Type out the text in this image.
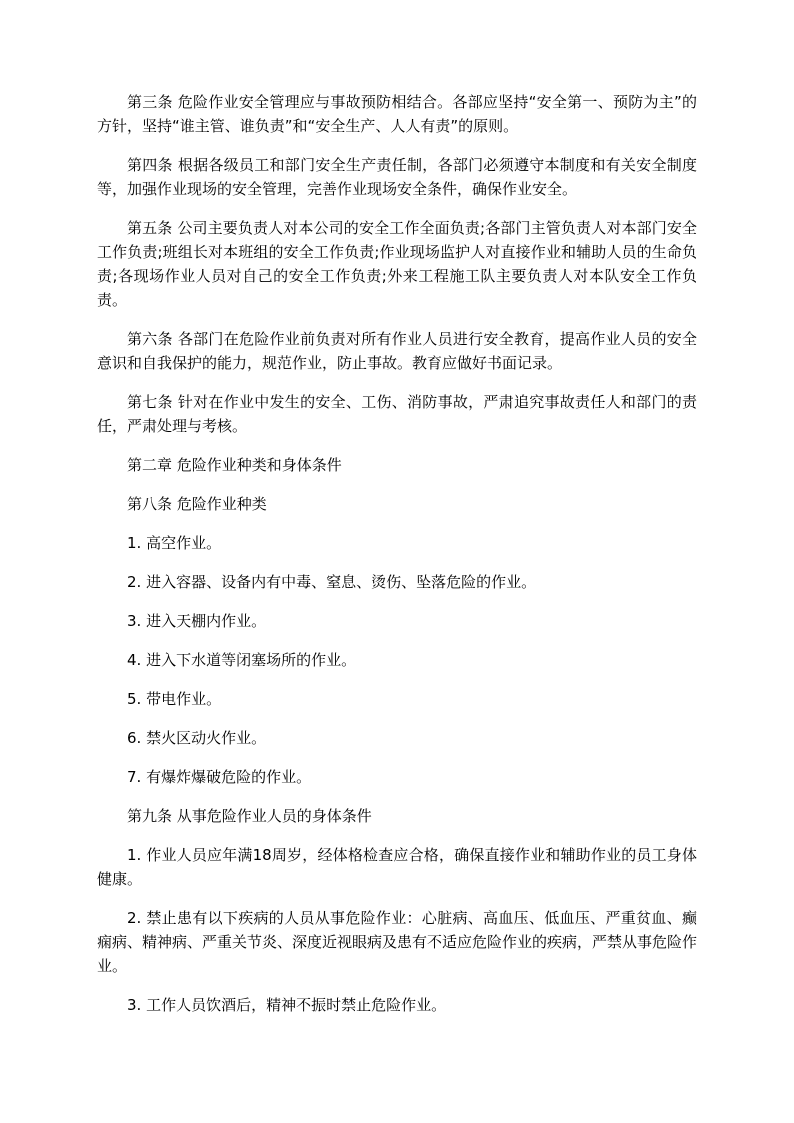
第三条 危险作业安全管理应与事故预防相结合。各部应坚持“安全第一、预防为主”的方针，坚持“谁主管、谁负责”和“安全生产、人人有责”的原则。

第四条 根据各级员工和部门安全生产责任制，各部门必须遵守本制度和有关安全制度等，加强作业现场的安全管理，完善作业现场安全条件，确保作业安全。

第五条 公司主要负责人对本公司的安全工作全面负责;各部门主管负责人对本部门安全工作负责;班组长对本班组的安全工作负责;作业现场监护人对直接作业和辅助人员的生命负责;各现场作业人员对自己的安全工作负责;外来工程施工队主要负责人对本队安全工作负责。

第六条 各部门在危险作业前负责对所有作业人员进行安全教育，提高作业人员的安全意识和自我保护的能力，规范作业，防止事故。教育应做好书面记录。

第七条 针对在作业中发生的安全、工伤、消防事故，严肃追究事故责任人和部门的责任，严肃处理与考核。

第二章 危险作业种类和身体条件

第八条 危险作业种类

1. 高空作业。

2. 进入容器、设备内有中毒、窒息、烫伤、坠落危险的作业。

3. 进入天棚内作业。

4. 进入下水道等闭塞场所的作业。

5. 带电作业。

6. 禁火区动火作业。

7. 有爆炸爆破危险的作业。

第九条 从事危险作业人员的身体条件

1. 作业人员应年满18周岁，经体格检查应合格，确保直接作业和辅助作业的员工身体健康。

2. 禁止患有以下疾病的人员从事危险作业：心脏病、高血压、低血压、严重贫血、癫痫病、精神病、严重关节炎、深度近视眼病及患有不适应危险作业的疾病，严禁从事危险作业。

3. 工作人员饮酒后，精神不振时禁止危险作业。
